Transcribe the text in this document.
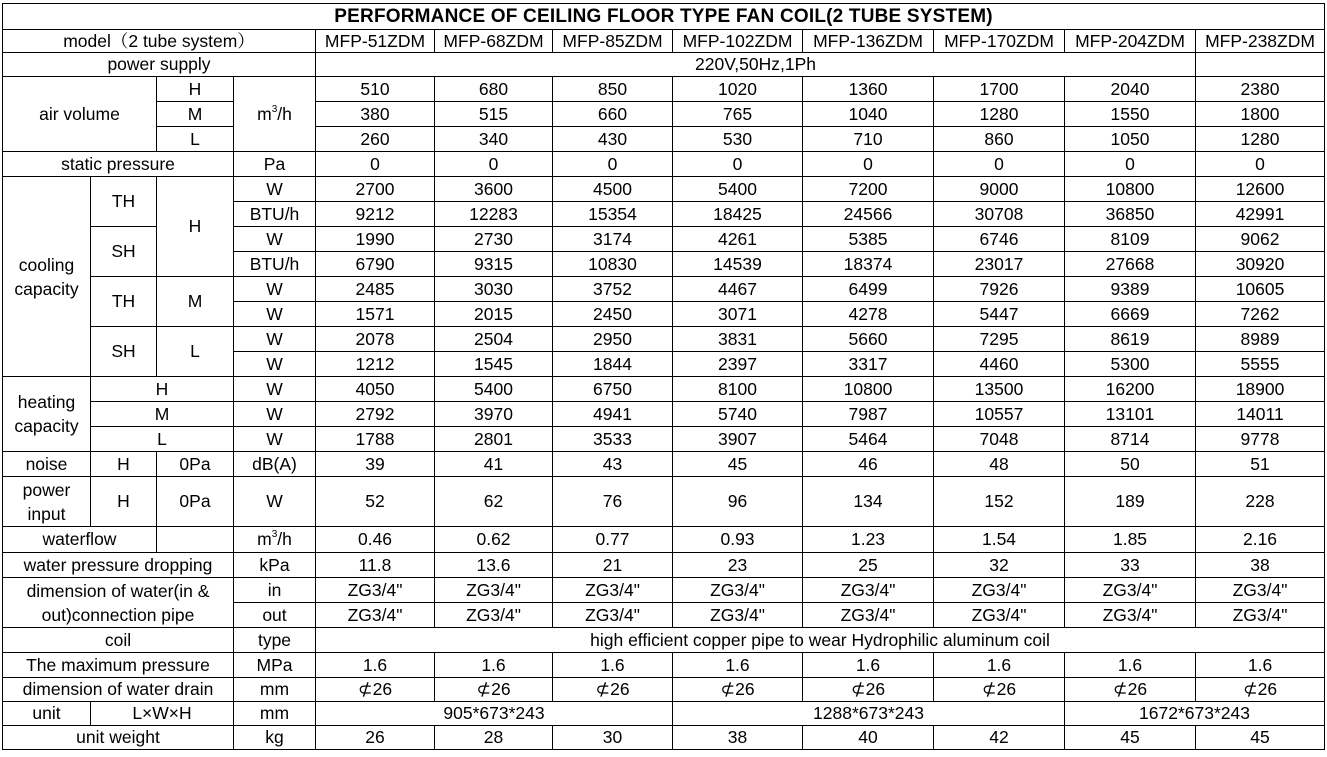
PERFORMANCE OF CEILING FLOOR TYPE FAN COIL(2 TUBE SYSTEM)											
model（2 tube system）				MFP-51ZDM	MFP-68ZDM	MFP-85ZDM	MFP-102ZDM	MFP-136ZDM	MFP-170ZDM	MFP-204ZDM	MFP-238ZDM
power supply				220V,50Hz,1Ph							
air volume		H	$m^3/h$	510	680	850	1020	1360	1700	2040	2380
		M		380	515	660	765	1040	1280	1550	1800
		L		260	340	430	530	710	860	1050	1280
static pressure			Pa	0	0	0	0	0	0	0	0
cooling capacity	TH	H	W	2700	3600	4500	5400	7200	9000	10800	12600
			BTU/h	9212	12283	15354	18425	24566	30708	36850	42991
	SH		W	1990	2730	3174	4261	5385	6746	8109	9062
			BTU/h	6790	9315	10830	14539	18374	23017	27668	30920
	TH	M	W	2485	3030	3752	4467	6499	7926	9389	10605
			W	1571	2015	2450	3071	4278	5447	6669	7262
	SH	L	W	2078	2504	2950	3831	5660	7295	8619	8989
			W	1212	1545	1844	2397	3317	4460	5300	5555
heating capacity	H		W	4050	5400	6750	8100	10800	13500	16200	18900
	M		W	2792	3970	4941	5740	7987	10557	13101	14011
	L		W	1788	2801	3533	3907	5464	7048	8714	9778
noise	H	0Pa	dB(A)	39	41	43	45	46	48	50	51
power input	H	0Pa	W	52	62	76	96	134	152	189	228
waterflow			$m^3/h$	0.46	0.62	0.77	0.93	1.23	1.54	1.85	2.16
water pressure dropping			kPa	11.8	13.6	21	23	25	32	33	38
dimension of water(in & out)connection pipe			in	ZG3/4"	ZG3/4"	ZG3/4"	ZG3/4"	ZG3/4"	ZG3/4"	ZG3/4"	ZG3/4"
			out	ZG3/4"	ZG3/4"	ZG3/4"	ZG3/4"	ZG3/4"	ZG3/4"	ZG3/4"	ZG3/4"
coil			type	high efficient copper pipe to wear Hydrophilic aluminum coil							
The maximum pressure			MPa	1.6	1.6	1.6	1.6	1.6	1.6	1.6	1.6
dimension of water drain			mm	⊄26	⊄26	⊄26	⊄26	⊄26	⊄26	⊄26	⊄26
unit	L×W×H		mm	905*673*243			1288*673*243			1672*673*243	
unit weight			kg	26	28	30	38	40	42	45	45
